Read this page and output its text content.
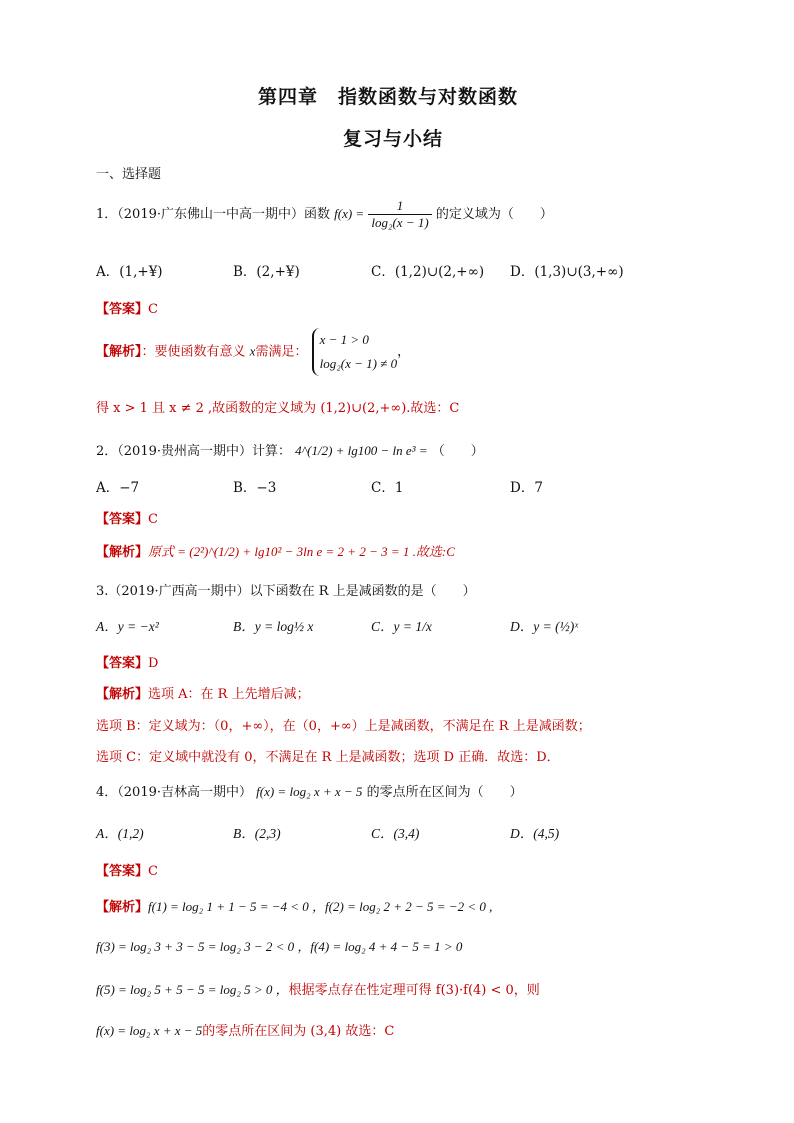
第四章　指数函数与对数函数
复习与小结
一、选择题
1．（2019·广东佛山一中高一期中）函数 $f(x) = \frac{1}{\text{log₂(x − 1)}}$ 的定义域为（　　）
A．(1,+¥)	B．(2,+¥)	C．(1,2)∪(2,+∞) D．(1,3)∪(3,+∞)
【答案】C
【解析】：要使函数有意义 x需满足：
x − 1 > 0
log₂(x − 1) ≠ 0
，
得 x > 1 且 x ≠ 2 ,故函数的定义域为 (1,2)∪(2,+∞).故选：C
2．（2019·贵州高一期中）计算： 4^(1/2) + lg100 − ln e³ = （　　）
A．−7	B．−3	C．1	D．7
【答案】C
【解析】原式 = (2²)^(1/2) + lg10² − 3ln e = 2 + 2 − 3 = 1 .故选:C
3.（2019·广西高一期中）以下函数在 R 上是减函数的是（　　）
A．y = −x²	B．y = log½ x	C．y = 1/x	D．y = (½)ˣ
【答案】D
【解析】选项 A：在 R 上先增后减；
选项 B：定义域为：（0，+∞），在（0，+∞）上是减函数，不满足在 R 上是减函数；
选项 C：定义域中就没有 0，不满足在 R 上是减函数；选项 D 正确．故选：D．
4．（2019·吉林高一期中） f(x) = log₂ x + x − 5 的零点所在区间为（　　）
A．(1,2)	B．(2,3)	C．(3,4)	D．(4,5)
【答案】C
【解析】f(1) = log₂ 1 + 1 − 5 = −4 < 0 ，f(2) = log₂ 2 + 2 − 5 = −2 < 0 ,
f(3) = log₂ 3 + 3 − 5 = log₂ 3 − 2 < 0 ，f(4) = log₂ 4 + 4 − 5 = 1 > 0
f(5) = log₂ 5 + 5 − 5 = log₂ 5 > 0 ，根据零点存在性定理可得 f(3)·f(4) < 0，则
f(x) = log₂ x + x − 5的零点所在区间为 (3,4) 故选：C
